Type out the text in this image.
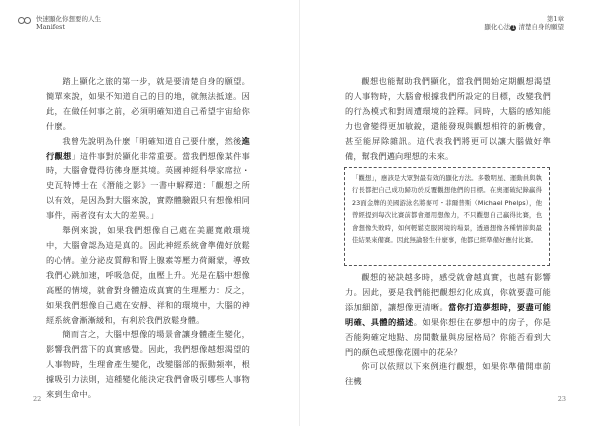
快速顯化你想要的人生
Manifest

踏上顯化之旅的第一步，就是要清楚自身的願望。簡單來說，如果不知道自己的目的地，就無法抵達。因此，在做任何事之前，必須明確知道自己希望宇宙給你什麼。

我曾先說明為什麼「明確知道自己要什麼，然後進行觀想」這件事對於顯化非常重要。當我們想像某件事時，大腦會覺得彷彿身歷其境。英國神經科學家席拉・史瓦特博士在《潛能之影》一書中解釋道：「觀想之所以有效，是因為對大腦來說，實際體驗跟只有想像相同事件，兩者沒有太大的差異。」

舉例來說，如果我們想像自己處在美麗寬敞環境中，大腦會認為這是真的。因此神經系統會準備好放鬆的心情。並分泌皮質醇和腎上腺素等壓力荷爾蒙，導致我們心跳加速，呼吸急促，血壓上升。光是在腦中想像高壓的情境，就會對身體造成真實的生理壓力：反之，如果我們想像自己處在安靜、祥和的環境中，大腦的神經系統會漸漸緩和，有利於我們放鬆身體。

簡而言之，大腦中想像的場景會讓身體產生變化，影響我們當下的真實感覺。因此，我們想像越想渴望的人事物時，生理會產生變化，改變腦部的振動頻率，根據吸引力法則，這種變化能決定我們會吸引哪些人事物來到生命中。

22
第1章
顯化心法1 清楚自身的願望

觀想也能幫助我們顯化，當我們開始定期觀想渴望的人事物時，大腦會根據我們所設定的目標，改變我們的行為模式和對周遭環境的詮釋。同時，大腦的感知能力也會變得更加敏銳，還能發現與觀想相符的新機會，甚至能屏除雜訊。這代表我們將更可以讓大腦做好準備，幫我們邁向理想的未來。

「觀想」，應該是大眾對最有效的顯化方法。多數明星、運動員與執行長都把自己成功歸功於反覆觀想他們的目標。在奧運破紀錄贏得23面金牌的美國游泳名將麥可・菲爾普斯（Michael Phelps），他曾經提到每次比賽前都會運用想像力，不只觀想自己贏得比賽，也會想像失敗時，如何輕鬆克服困境的場景，透過想像各種情節與最佳結果來備賽。因此無論發生什麼事，他都已經準備好應付比賽。

觀想的祕訣越多時，感受就會越真實，也越有影響力。因此，要是我們能把觀想幻化成真，你就要盡可能添加細節，讓想像更清晰。當你打造夢想時，要盡可能明確、具體的描述。如果你想住在夢想中的房子，你是否能夠確定地點、房間數量與房屋格局？你能否看到大門的顏色或想像花園中的花朵？

你可以依照以下來例進行觀想，如果你準備開車前往機

23
